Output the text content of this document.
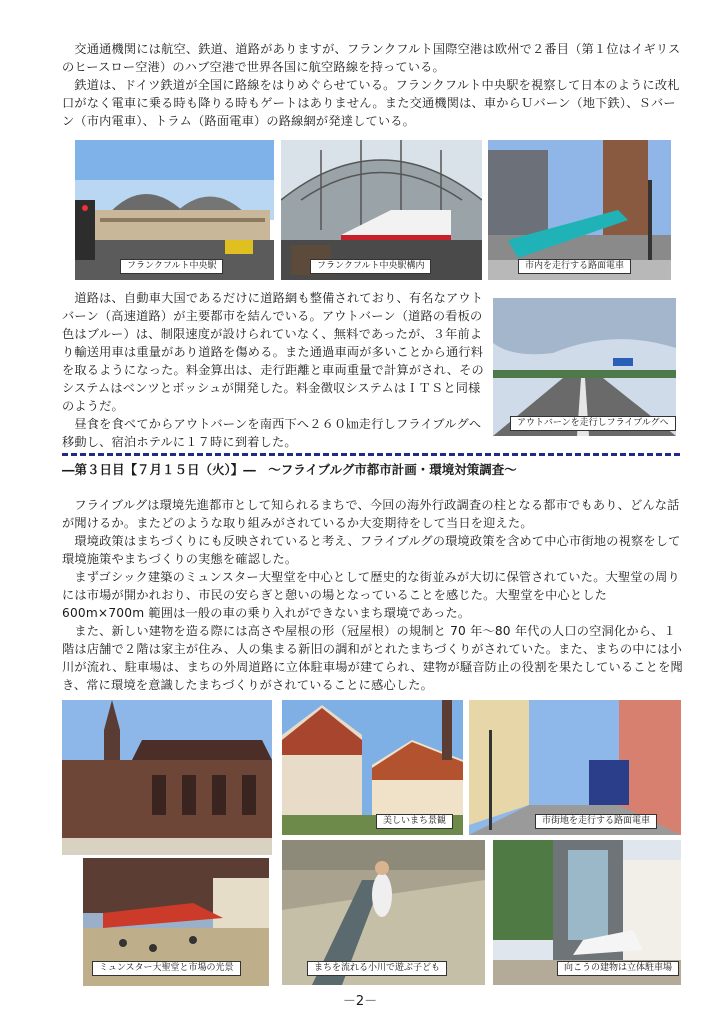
　交通通機関には航空、鉄道、道路がありますが、フランクフルト国際空港は欧州で２番目（第１位はイギリスのヒースロー空港）のハブ空港で世界各国に航空路線を持っている。
　鉄道は、ドイツ鉄道が全国に路線をはりめぐらせている。フランクフルト中央駅を視察して日本のように改札口がなく電車に乗る時も降りる時もゲートはありません。また交通機関は、車からＵバーン（地下鉄）、Ｓバーン（市内電車）、トラム（路面電車）の路線網が発達している。

フランクフルト中央駅	フランクフルト中央駅構内	市内を走行する路面電車

　道路は、自動車大国であるだけに道路網も整備されており、有名なアウトバーン（高速道路）が主要都市を結んでいる。アウトバーン（道路の看板の色はブルー）は、制限速度が設けられていなく、無料であったが、３年前より輸送用車は重量があり道路を傷める。また通過車両が多いことから通行料を取るようになった。料金算出は、走行距離と車両重量で計算がされ、そのシステムはベンツとボッシュが開発した。料金徴収システムはＩＴＳと同様のようだ。
　昼食を食べてからアウトバーンを南西下へ２６０㎞走行しフライブルグへ移動し、宿泊ホテルに１７時に到着した。

アウトバーンを走行しフライブルグへ

―第３日目【７月１５日（火）】―　～フライブルグ市都市計画・環境対策調査～

　フライブルグは環境先進都市として知られるまちで、今回の海外行政調査の柱となる都市でもあり、どんな話が聞けるか。またどのような取り組みがされているか大変期待をして当日を迎えた。
　環境政策はまちづくりにも反映されていると考え、フライブルグの環境政策を含めて中心市街地の視察をして環境施策やまちづくりの実態を確認した。
　まずゴシック建築のミュンスター大聖堂を中心として歴史的な街並みが大切に保管されていた。大聖堂の周りには市場が開かれおり、市民の安らぎと憩いの場となっていることを感じた。大聖堂を中心とした 600m×700m 範囲は一般の車の乗り入れができないまち環境であった。
　また、新しい建物を造る際には高さや屋根の形（冠屋根）の規制と 70 年～80 年代の人口の空洞化から、１階は店舗で２階は家主が住み、人の集まる新旧の調和がとれたまちづくりがされていた。また、まちの中には小川が流れ、駐車場は、まちの外周道路に立体駐車場が建てられ、建物が騒音防止の役割を果たしていることを聞き、常に環境を意識したまちづくりがされていることに感心した。

ミュンスター大聖堂と市場の光景
美しいまち景観	市街地を走行する路面電車
まちを流れる小川で遊ぶ子ども	向こうの建物は立体駐車場
－2－
